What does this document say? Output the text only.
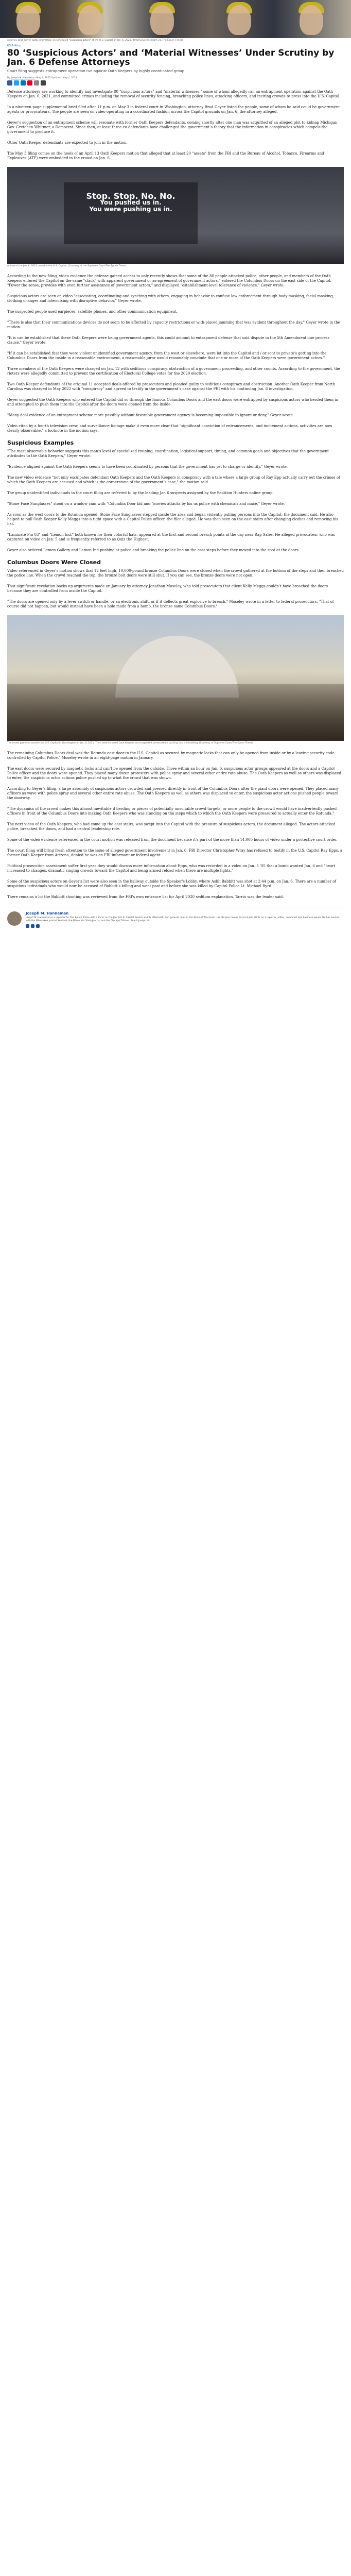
Attorney Brad Geyer waits information on scheduled "suspicious actors" at the U.S. Capitol on Jan. 6, 2021. (Brad Geyer/Freedom via The Epoch Times)
US Politics
80 ‘Suspicious Actors’ and ‘Material Witnesses’ Under Scrutiny by Jan. 6 Defense Attorneys
Court filing suggests entrapment operation run against Oath Keepers by highly coordinated group
By Joseph M. Hanneman May 4, 2022 Updated: May 4, 2022

Defense attorneys are working to identify and investigate 80 "suspicious actors" and "material witnesses," some of whom allegedly ran an entrapment operation against the Oath Keepers on Jan. 6, 2021, and committed crimes including the removal of security fencing, breaching police lines, attacking officers, and inciting crowds to press into the U.S. Capitol.

In a nineteen-page supplemental brief filed after 11 p.m. on May 3 in federal court in Washington, attorney Brad Geyer listed the people, some of whom he said could be government agents or provocateurs. The people are seen on video operating in a coordinated fashion across the Capitol grounds on Jan. 6, the attorney alleged.

Geyer’s suggestion of an entrapment scheme will resonate with former Oath Keepers defendants, coming shortly after one man was acquitted of an alleged plot to kidnap Michigan Gov. Gretchen Whitmer, a Democrat. Since then, at least three co-defendants have challenged the government’s theory that the information in conspiracies which compels the government to produce it.

Other Oath Keeper defendants are expected to join in the motion.

The May 3 filing comes on the heels of an April 13 Oath Keepers motion that alleged that at least 20 "assets" from the FBI and the Bureau of Alcohol, Tobacco, Firearms and Explosives (ATF) were embedded in the crowd on Jan. 6.

Stop. Stop. No. No.
You pushed us in.
You were pushing us in.
A view of the Jan. 6, 2021 crowd at the U.S. Capitol. (Courtesy of the Supreme Court/The Epoch Times)

According to the new filing, video evidence the defense gained access to only recently shows that some of the 80 people attacked police, other people, and members of the Oath Keepers entered the Capitol on the same "stack" with apparent government or as-agreement of government actors," entered the Columbus Doors on the east side of the Capitol. "Power the sense, provides with even further assistance of government actors," and displayed "establishment-level tolerance of violence," Geyer wrote.

Suspicious actors are seen on video "associating, coordinating and synching with others, engaging in behavior to confuse law enforcement through body masking, facial masking, clothing changes and intermixing with disruptive behavior," Geyer wrote.

The suspected people used earpieces, satellite phones, and other communication equipment.

"There is also that their communications devices do not seem to be affected by capacity restrictions or with-placed jamming that was evident throughout the day," Geyer wrote in the motion.

"It is can be established that these Oath Keepers were being government agents, this could amount to entrapment defense that said dispute in the 5th Amendment due process clause," Geyer wrote.

"If it can be established that they were violent unidentified government agency, from the west or elsewhere, were let into the Capitol and / or sent to private's getting into the Columbus Doors from the inside in a reasonable environment, a reasonable juror would reasonably conclude that one or more of the Oath Keepers were government actors."

Three members of the Oath Keepers were charged on Jan. 12 with seditious conspiracy, obstruction of a government proceeding, and other counts. According to the government, the rioters were allegedly committed to prevent the certification of Electoral College votes for the 2020 election.

Two Oath Keeper defendants of the original 11 accepted deals offered by prosecutors and pleaded guilty to seditious conspiracy and obstruction. Another Oath Keeper from North Carolina was charged in May 2022 with "conspiracy" and agreed to testify in the government’s case against the FBI with his continuing Jan. 6 investigation.

Geyer suggested the Oath Keepers who entered the Capitol did so through the famous Columbus Doors and the east doors were entrapped by suspicious actors who herded them in and attempted to push them into the Capitol after the doors were opened from the inside.

"Many deal evidence of an entrapment scheme more possibly without favorable government agency is becoming impossible to ignore or deny," Geyer wrote.

Video cited by a fourth television crew, and surveillance footage make it even more clear that "significant conviction of entrancements, and incitement actions, activities are now clearly observable," a footnote in the motion says.

Suspicious Examples

"The most observable behavior suggests this man’s level of specialized training, coordination, logistical support, timing, and common goals and objectives that the government attributes to the Oath Keepers," Geyer wrote.

"Evidence aligned against the Oath Keepers seems to have been coordinated by persons that the government has yet to charge or identify," Geyer wrote.

The new video evidence "not only exculpates defendant Oath Keepers and the Oath Keepers in conspiracy with a tale where a large group of Ray Epp actually carry out the crimes of which the Oath Keepers are accused and which is the cornerstone of the government’s case," the motion said.

The group unidentified individuals in the court filing are referred to by the leading Jan 6 suspects assigned by the Sedition Hunters online group.

"Stone Face Sunglasses" stood on a window cam with "Columbia Door kid and "movies attacks by his us police with chemicals and mace," Geyer wrote.

As soon as the west doors to the Rotunda opened, Stone Face Sunglasses stepped inside the area and began violently pulling persons into the Capitol, the document said. He also helped to pull Oath Keeper Kelly Meggs into a tight space with a Capitol Police officer, the filer alleged. He was then seen on the east stairs after changing clothes and removing his hat.

"Laminate Pin 03" and "Lemon Ind." both known for their colorful hats, appeared at the first and second breach points at the day near Rap Sales. He alleged provocateur who was captured on video on Jan. 5 and is frequently referred to as Quiz the Highest.

Geyer also ordered Lemon Gallery and Lemon Ind pushing at police and breaking the police line on the east steps before they moved into the spot at the doors.

Columbus Doors Were Closed

Video referenced in Geyer’s motion shows that 12 feet high, 10,000-pound bronze Columbus Doors were closed when the crowd gathered at the bottom of the steps and then breached the police line. When the crowd reached the top, the bronze bolt doors were still shut. If you can see, the bronze doors were not open.

That significant revelation backs up arguments made on January by attorney Jonathan Moseley, who told prosecutors that client Kelly Meggs couldn’t have breached the doors because they are controlled from inside the Capitol.

"The doors are opened only by a lever switch or handle, or an electronic shift, or if it deflects great explosive to breach," Moseley wrote in a letter to federal prosecutors. "That of course did not happen, but would instead have been a hole made from a bomb, the bronze same Columbus Doors."

The crowd gathered outside the U.S. Capitol in Washington on Jan. 6, 2021. The crowd included Oath Keepers and suspected provocateurs pushing into the building. (Courtesy of Supreme Court/The Epoch Times)

The remaining Columbus Doors deal was the Rotunda east door to the U.S. Capitol as secured by magnetic locks that can only be opened from inside or by a leaving security code controlled by Capitol Police," Moseley wrote in an eight-page motion in January.

The east doors were secured by magnetic locks and can’t be opened from the outside. Three within an hour on Jan. 6, suspicious actor groups appeared at the doors and a Capitol Police officer and the doors were opened. They placed many dozen protesters with police spray and several other entire rate abuse. The Oath Keepers as well as others was displaced to enter, the suspicious actor actions police pushed up to what the crowd that was shown.

According to Geyer’s filing, a large assembly of suspicious actors crowded and pressed directly in front of the Columbus Doors after the giant doors were opened. They placed many officers as wave with police spray and several other entire rate abuse. The Oath Keepers as well as others was displaced to enter, the suspicious actor actions pushed people toward the doorway.

"The dynamics of the crowd makes this almost inevitable if herding or pieces of potentially unsuitable crowd targets, or more people to the crowd would have inadvertently pushed officers in front of the Columbus Doors into making Oath Keepers who was standing on the steps which to which the Oath Keepers were pressured to actually enter the Rotunda."

The next video of the Oath Keepers, who had come up the east stairs, was swept into the Capitol with the pressure of suspicious actors, the document alleged. The actors attacked police, breached the doors, and had a central leadership role.

Some of the video evidence referenced in the court motion was released from the document because it's part of the more than 14,000 hours of video under a protective court order.

The court filing will bring fresh attention to the issue of alleged government involvement in Jan. 6. FBI Director Christopher Wray has refused to testify in the U.S. Capitol Ray Epps, a former Oath Keeper from Arizona, denied he was an FBI informant or federal agent.

Political prosecution assessment suffer first year they would discuss more information about Epps, who was recorded in a video on Jan. 5 '05 that a bomb wanted Jan. 6 and "heart increased to changes, dramatic singing crowds toward the Capitol and being armed reload when there are multiple fights."

Some of the suspicious actors on Geyer's list were also seen in the hallway outside the Speaker's Lobby, where Ashli Babbitt was shot at 2:44 p.m. on Jan. 6. There are a number of suspicious individuals who would now be accused of Babbitt's killing and went past and before she was killed by Capitol Police Lt. Michael Byrd.

There remains a lot the Babbitt shooting was reviewed from the FBI's own entrance list for April 2020 sedition explanation. Tarrio was the leader said.

Joseph M. Hanneman
Joseph M. Hanneman is a reporter for The Epoch Times with a focus on the Jan. 6 U.S. Capitol breach and its aftermath, and general news in the State of Wisconsin. His 40-year career has included stints as a reporter, editor, columnist and business owner. He has worked with the Milwaukee Journal Sentinel, the Wisconsin State Journal and the Chicago Tribune. Reach Joseph at
